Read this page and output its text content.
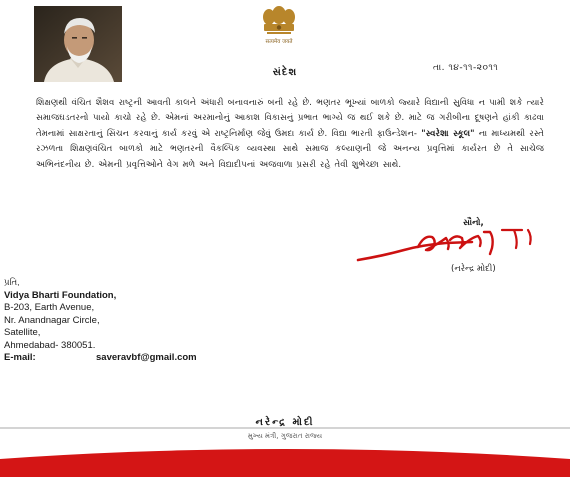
सत्यमेव जयते
સંદેશ	તા. ૧૪-૧૧-૨૦૧૧
શિક્ષણથી વંચિત શૈશવ રાષ્ટ્રની આવતી કાલને અંધારી બનાવનારું બની રહે છે. ભણતર ભૂખ્યાં બાળકો જ્યારે વિદ્યાની સુવિધા ન પામી શકે ત્યારે સમાજઘડતરનો પાયો કાચો રહે છે. એમનાં અરમાનોનું આકાશ વિકાસનું પ્રભાત ભાગ્યે જ થઈ શકે છે. માટે જ ગરીબીના દૂષણને હાંકી કાઢવા તેમનામાં સાક્ષરતાનું સિંચન કરવાનું કાર્ય કરવું એ રાષ્ટ્રનિર્માણ જેવું ઉમદા કાર્ય છે. વિદ્યા ભારતી ફાઉન્ડેશન- "સ્વરેશા સ્કૂલ" ના માધ્યમથી રસ્તે રઝળતા શિક્ષણવંચિત બાળકો માટે ભણતરની વૈકલ્પિક વ્યવસ્થા સાથે સમાજ કલ્યાણની જે અનન્ય પ્રવૃત્તિમાં કાર્યરત છે તે સાચેજ અભિનંદનીય છે. એમની પ્રવૃત્તિઓને વેગ મળે અને વિદ્યાદીપનાં અજવાળા પ્રસરી રહે તેવી શુભેચ્છા સાથે.
સૌનો,
(નરેન્દ્ર મોદી)
પ્રતિ,
Vidya Bharti Foundation,
B-203, Earth Avenue,
Nr. Anandnagar Circle,
Satellite,
Ahmedabad- 380051.
E-mail:	saveravbf@gmail.com
નરેન્દ્ર મોદી
મુખ્ય મંત્રી, ગુજરાત રાજ્ય
